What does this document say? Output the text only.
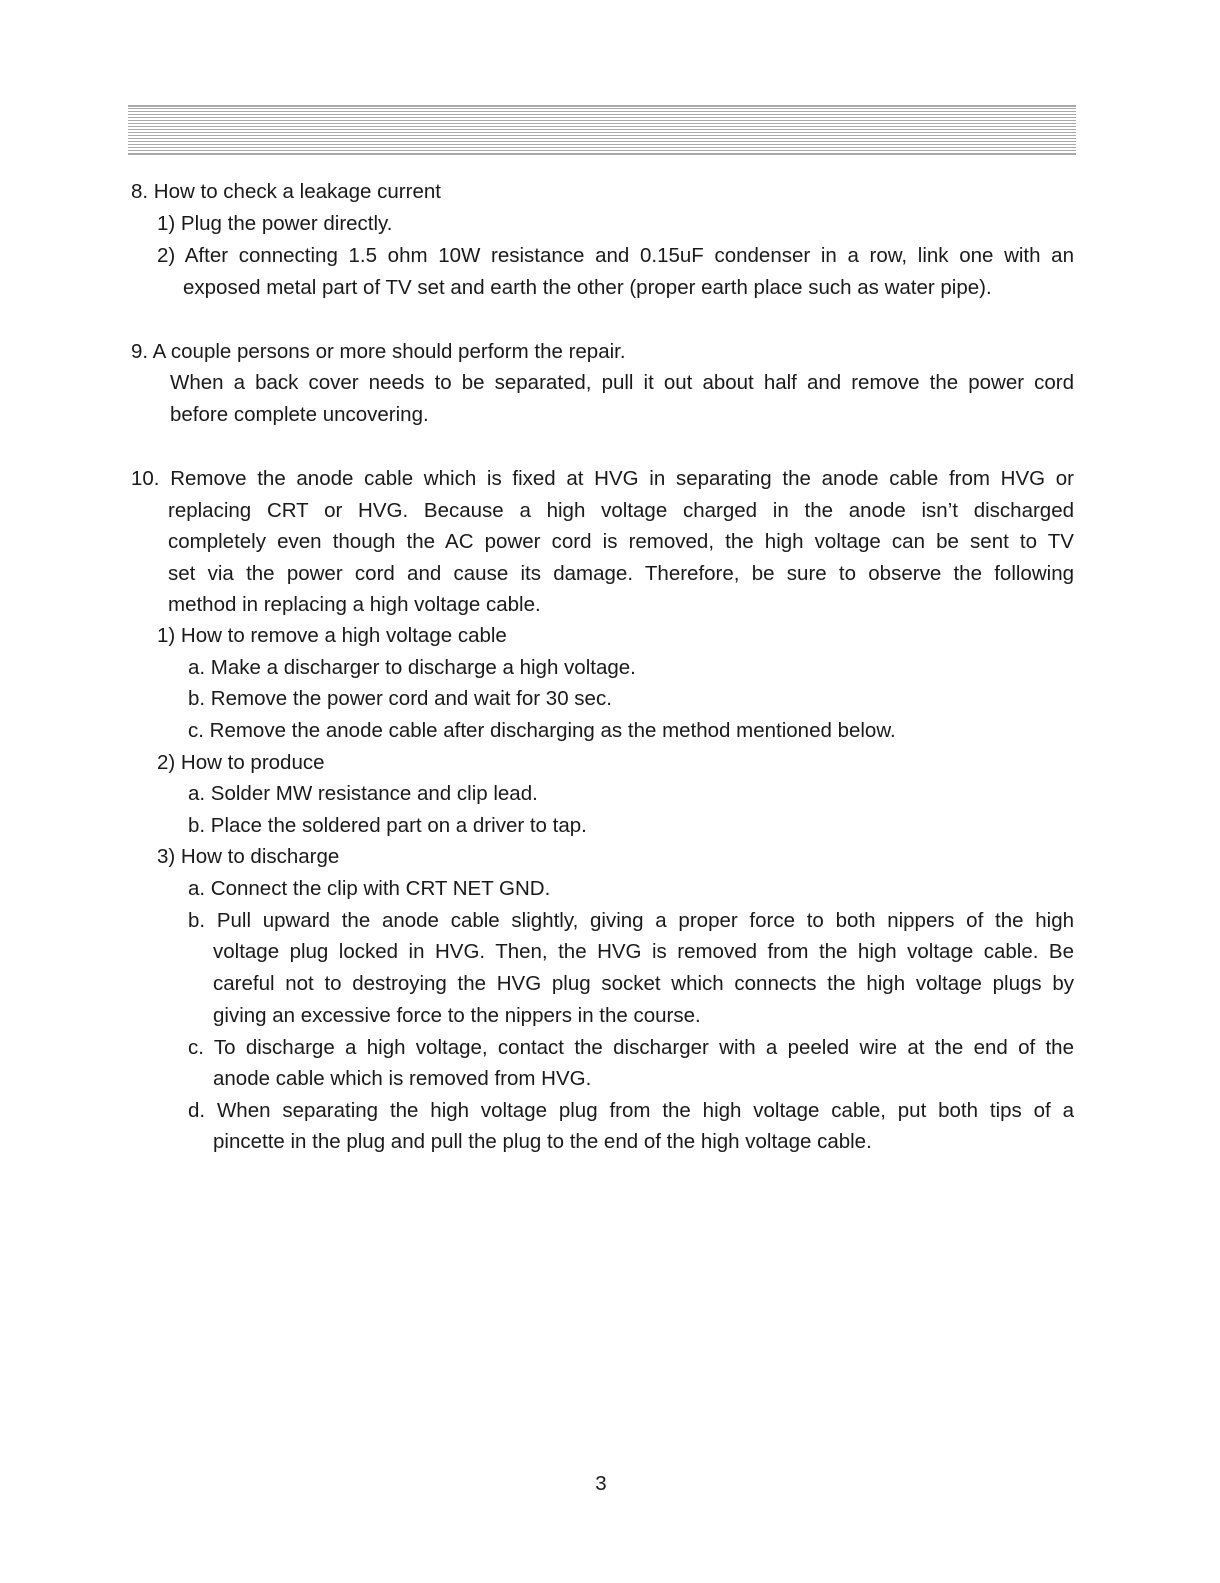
8. How to check a leakage current
1) Plug the power directly.
2) After connecting 1.5 ohm 10W resistance and 0.15uF condenser in a row, link one with an
exposed metal part of TV set and earth the other (proper earth place such as water pipe).
9. A couple persons or more should perform the repair.
When a back cover needs to be separated, pull it out about half and remove the power cord
before complete uncovering.
10. Remove the anode cable which is fixed at HVG in separating the anode cable from HVG or
replacing CRT or HVG. Because a high voltage charged in the anode isn’t discharged
completely even though the AC power cord is removed, the high voltage can be sent to TV
set via the power cord and cause its damage. Therefore, be sure to observe the following
method in replacing a high voltage cable.
1) How to remove a high voltage cable
a. Make a discharger to discharge a high voltage.
b. Remove the power cord and wait for 30 sec.
c. Remove the anode cable after discharging as the method mentioned below.
2) How to produce
a. Solder MW resistance and clip lead.
b. Place the soldered part on a driver to tap.
3) How to discharge
a. Connect the clip with CRT NET GND.
b. Pull upward the anode cable slightly, giving a proper force to both nippers of the high
voltage plug locked in HVG. Then, the HVG is removed from the high voltage cable. Be
careful not to destroying the HVG plug socket which connects the high voltage plugs by
giving an excessive force to the nippers in the course.
c. To discharge a high voltage, contact the discharger with a peeled wire at the end of the
anode cable which is removed from HVG.
d. When separating the high voltage plug from the high voltage cable, put both tips of a
pincette in the plug and pull the plug to the end of the high voltage cable.
3
